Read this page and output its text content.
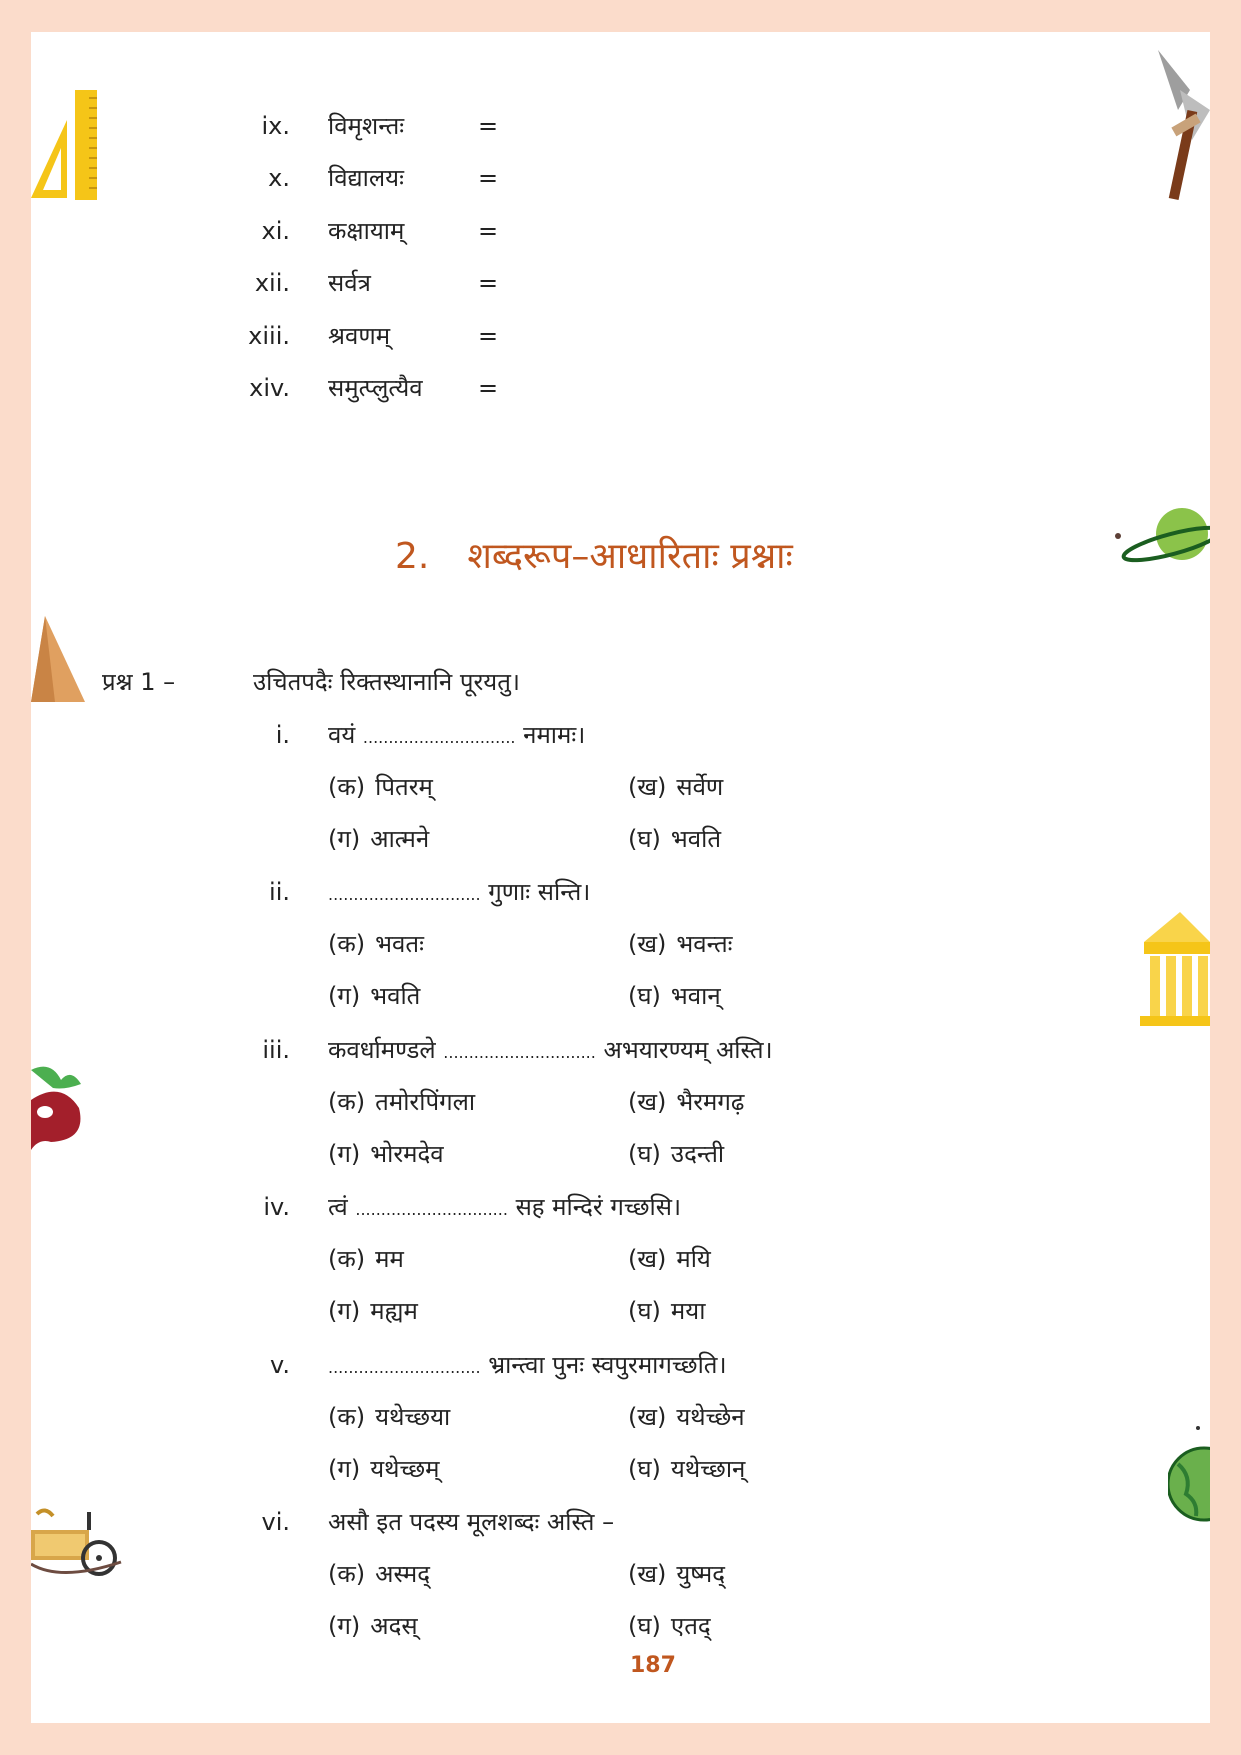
ix. विमृशन्तः	=
x. विद्यालयः	=
xi. कक्षायाम्	=
xii. सर्वत्र	=
xiii. श्रवणम्	=
xiv. समुत्प्लुत्यैव =
2. शब्दरूप–आधारिताः प्रश्नाः
प्रश्न 1 –	उचितपदैः रिक्तस्थानानि पूरयतु।
i. वयं .............................. नमामः।
(क) पितरम्	(ख) सर्वेण
(ग) आत्मने	(घ) भवति
ii. .............................. गुणाः सन्ति।
(क) भवतः	(ख) भवन्तः
(ग) भवति	(घ) भवान्
iii. कवर्धामण्डले .............................. अभयारण्यम् अस्ति।
(क) तमोरपिंगला	(ख) भैरमगढ़
(ग) भोरमदेव	(घ) उदन्ती
iv. त्वं .............................. सह मन्दिरं गच्छसि।
(क) मम	(ख) मयि
(ग) मह्यम	(घ) मया
v. .............................. भ्रान्त्वा पुनः स्वपुरमागच्छति।
(क) यथेच्छया	(ख) यथेच्छेन
(ग) यथेच्छम्	(घ) यथेच्छान्
vi. असौ इत पदस्य मूलशब्दः अस्ति –
(क) अस्मद्	(ख) युष्मद्
(ग) अदस्	(घ) एतद्
187
